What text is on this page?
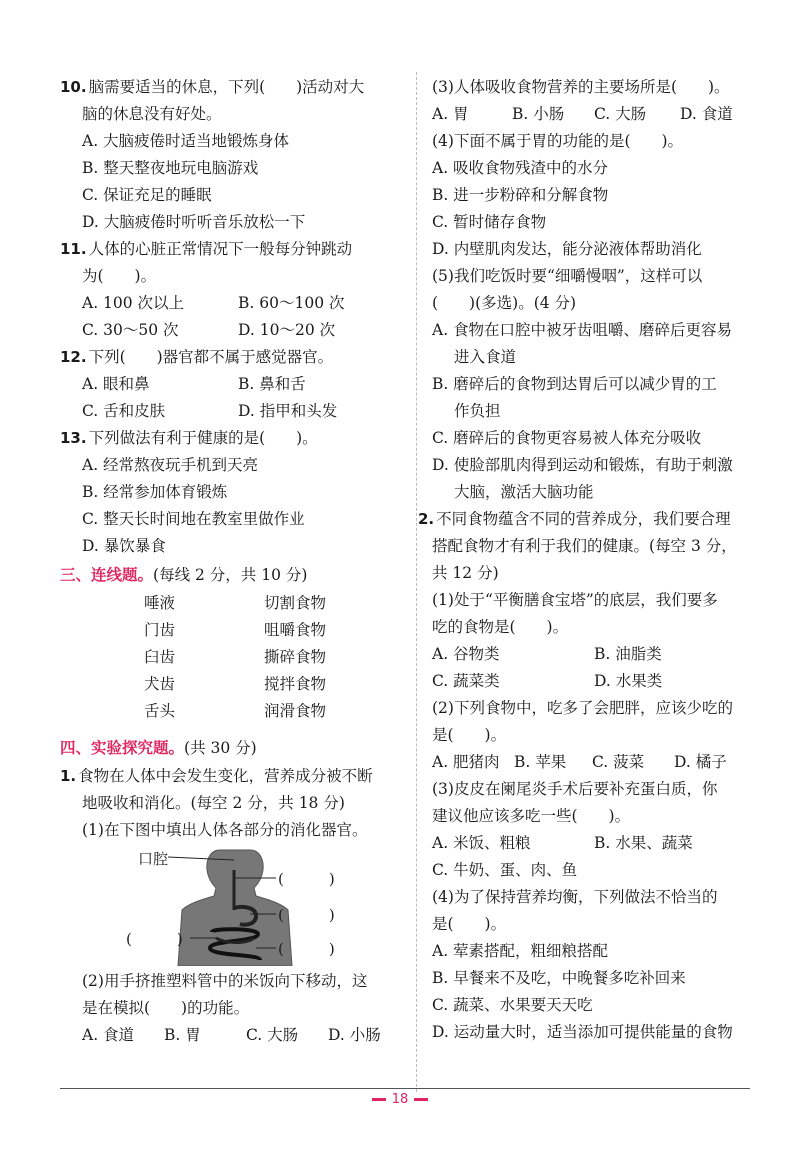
10. 脑需要适当的休息，下列(　　)活动对大
脑的休息没有好处。
A. 大脑疲倦时适当地锻炼身体
B. 整天整夜地玩电脑游戏
C. 保证充足的睡眠
D. 大脑疲倦时听听音乐放松一下
11. 人体的心脏正常情况下一般每分钟跳动
为(　　)。
A. 100 次以上	B. 60～100 次
C. 30～50 次	D. 10～20 次
12. 下列(　　)器官都不属于感觉器官。
A. 眼和鼻	B. 鼻和舌
C. 舌和皮肤	D. 指甲和头发
13. 下列做法有利于健康的是(　　)。
A. 经常熬夜玩手机到天亮
B. 经常参加体育锻炼
C. 整天长时间地在教室里做作业
D. 暴饮暴食
三、连线题。(每线 2 分，共 10 分)
唾液	切割食物
门齿	咀嚼食物
臼齿	撕碎食物
犬齿	搅拌食物
舌头	润滑食物
四、实验探究题。(共 30 分)
1. 食物在人体中会发生变化，营养成分被不断
地吸收和消化。(每空 2 分，共 18 分)
(1)在下图中填出人体各部分的消化器官。
口腔
(　　　)
(　　　)
(　　　)
(　　　)
(2)用手挤推塑料管中的米饭向下移动，这
是在模拟(　　)的功能。
A. 食道	B. 胃	C. 大肠	D. 小肠
(3)人体吸收食物营养的主要场所是(　　)。
A. 胃	B. 小肠	C. 大肠	D. 食道
(4)下面不属于胃的功能的是(　　)。
A. 吸收食物残渣中的水分
B. 进一步粉碎和分解食物
C. 暂时储存食物
D. 内壁肌肉发达，能分泌液体帮助消化
(5)我们吃饭时要“细嚼慢咽”，这样可以
(　　)(多选)。(4 分)
A. 食物在口腔中被牙齿咀嚼、磨碎后更容易
进入食道
B. 磨碎后的食物到达胃后可以减少胃的工
作负担
C. 磨碎后的食物更容易被人体充分吸收
D. 使脸部肌肉得到运动和锻炼，有助于刺激
大脑，激活大脑功能
2. 不同食物蕴含不同的营养成分，我们要合理
搭配食物才有利于我们的健康。(每空 3 分，
共 12 分)
(1)处于“平衡膳食宝塔”的底层，我们要多
吃的食物是(　　)。
A. 谷物类	B. 油脂类
C. 蔬菜类	D. 水果类
(2)下列食物中，吃多了会肥胖，应该少吃的
是(　　)。
A. 肥猪肉 B. 苹果	C. 菠菜	D. 橘子
(3)皮皮在阑尾炎手术后要补充蛋白质，你
建议他应该多吃一些(　　)。
A. 米饭、粗粮	B. 水果、蔬菜
C. 牛奶、蛋、肉、鱼
(4)为了保持营养均衡，下列做法不恰当的
是(　　)。
A. 荤素搭配，粗细粮搭配
B. 早餐来不及吃，中晚餐多吃补回来
C. 蔬菜、水果要天天吃
D. 运动量大时，适当添加可提供能量的食物
18
